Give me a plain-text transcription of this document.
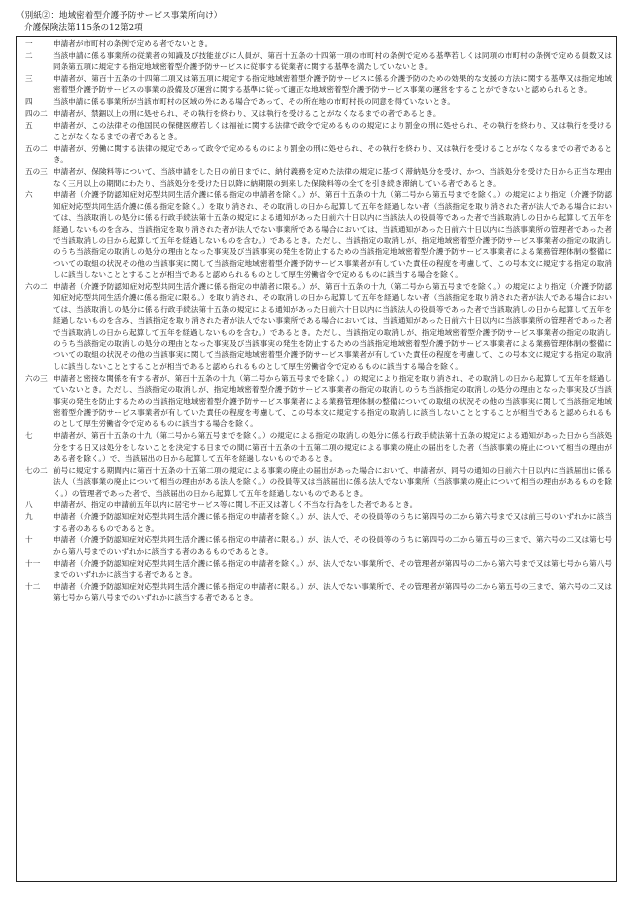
（別紙②：地域密着型介護予防サービス事業所向け）
介護保険法第115条の12第2項
一	申請者が市町村の条例で定める者でないとき。
二	当該申請に係る事業所の従業者の知識及び技能並びに人員が、第百十五条の十四第一項の市町村の条例で定める基準若しくは同項の市町村の条例で定める員数又は同条第五項に規定する指定地域密着型介護予防サービスに従事する従業者に関する基準を満たしていないとき。
三	申請者が、第百十五条の十四第二項又は第五項に規定する指定地域密着型介護予防サービスに係る介護予防のための効果的な支援の方法に関する基準又は指定地域密着型介護予防サービスの事業の設備及び運営に関する基準に従って適正な地域密着型介護予防サービス事業の運営をすることができないと認められるとき。
四	当該申請に係る事業所が当該市町村の区域の外にある場合であって、その所在地の市町村長の同意を得ていないとき。
四の二 申請者が、禁錮以上の刑に処せられ、その執行を終わり、又は執行を受けることがなくなるまでの者であるとき。
五	申請者が、この法律その他国民の保健医療若しくは福祉に関する法律で政令で定めるものの規定により罰金の刑に処せられ、その執行を終わり、又は執行を受けることがなくなるまでの者であるとき。
五の二 申請者が、労働に関する法律の規定であって政令で定めるものにより罰金の刑に処せられ、その執行を終わり、又は執行を受けることがなくなるまでの者であるとき。
五の三 申請者が、保険料等について、当該申請をした日の前日までに、納付義務を定めた法律の規定に基づく滞納処分を受け、かつ、当該処分を受けた日から正当な理由なく三月以上の期間にわたり、当該処分を受けた日以降に納期限の到来した保険料等の全てを引き続き滞納している者であるとき。
六	申請者（介護予防認知症対応型共同生活介護に係る指定の申請者を除く。）が、第百十五条の十九（第二号から第五号までを除く。）の規定により指定（介護予防認知症対応型共同生活介護に係る指定を除く。）を取り消され、その取消しの日から起算して五年を経過しない者（当該指定を取り消された者が法人である場合においては、当該取消しの処分に係る行政手続法第十五条の規定による通知があった日前六十日以内に当該法人の役員等であった者で当該取消しの日から起算して五年を経過しないものを含み、当該指定を取り消された者が法人でない事業所である場合においては、当該通知があった日前六十日以内に当該事業所の管理者であった者で当該取消しの日から起算して五年を経過しないものを含む。）であるとき。ただし、当該指定の取消しが、指定地域密着型介護予防サービス事業者の指定の取消しのうち当該指定の取消しの処分の理由となった事実及び当該事実の発生を防止するための当該指定地域密着型介護予防サービス事業者による業務管理体制の整備についての取組の状況その他の当該事実に関して当該指定地域密着型介護予防サービス事業者が有していた責任の程度を考慮して、この号本文に規定する指定の取消しに該当しないこととすることが相当であると認められるものとして厚生労働省令で定めるものに該当する場合を除く。
六の二 申請者（介護予防認知症対応型共同生活介護に係る指定の申請者に限る。）が、第百十五条の十九（第二号から第五号までを除く。）の規定により指定（介護予防認知症対応型共同生活介護に係る指定に限る。）を取り消され、その取消しの日から起算して五年を経過しない者（当該指定を取り消された者が法人である場合においては、当該取消しの処分に係る行政手続法第十五条の規定による通知があった日前六十日以内に当該法人の役員等であった者で当該取消しの日から起算して五年を経過しないものを含み、当該指定を取り消された者が法人でない事業所である場合においては、当該通知があった日前六十日以内に当該事業所の管理者であった者で当該取消しの日から起算して五年を経過しないものを含む。）であるとき。ただし、当該指定の取消しが、指定地域密着型介護予防サービス事業者の指定の取消しのうち当該指定の取消しの処分の理由となった事実及び当該事実の発生を防止するための当該指定地域密着型介護予防サービス事業者による業務管理体制の整備についての取組の状況その他の当該事実に関して当該指定地域密着型介護予防サービス事業者が有していた責任の程度を考慮して、この号本文に規定する指定の取消しに該当しないこととすることが相当であると認められるものとして厚生労働省令で定めるものに該当する場合を除く。
六の三 申請者と密接な関係を有する者が、第百十五条の十九（第二号から第五号までを除く。）の規定により指定を取り消され、その取消しの日から起算して五年を経過していないとき。ただし、当該指定の取消しが、指定地域密着型介護予防サービス事業者の指定の取消しのうち当該指定の取消しの処分の理由となった事実及び当該事実の発生を防止するための当該指定地域密着型介護予防サービス事業者による業務管理体制の整備についての取組の状況その他の当該事実に関して当該指定地域密着型介護予防サービス事業者が有していた責任の程度を考慮して、この号本文に規定する指定の取消しに該当しないこととすることが相当であると認められるものとして厚生労働省令で定めるものに該当する場合を除く。
七	申請者が、第百十五条の十九（第二号から第五号までを除く。）の規定による指定の取消しの処分に係る行政手続法第十五条の規定による通知があった日から当該処分をする日又は処分をしないことを決定する日までの間に第百十五条の十五第二項の規定による事業の廃止の届出をした者（当該事業の廃止について相当の理由がある者を除く。）で、当該届出の日から起算して五年を経過しないものであるとき。
七の二 前号に規定する期間内に第百十五条の十五第二項の規定による事業の廃止の届出があった場合において、申請者が、同号の通知の日前六十日以内に当該届出に係る法人（当該事業の廃止について相当の理由がある法人を除く。）の役員等又は当該届出に係る法人でない事業所（当該事業の廃止について相当の理由があるものを除く。）の管理者であった者で、当該届出の日から起算して五年を経過しないものであるとき。
八	申請者が、指定の申請前五年以内に居宅サービス等に関し不正又は著しく不当な行為をした者であるとき。
九	申請者（介護予防認知症対応型共同生活介護に係る指定の申請者を除く。）が、法人で、その役員等のうちに第四号の二から第六号まで又は前三号のいずれかに該当する者のあるものであるとき。
十	申請者（介護予防認知症対応型共同生活介護に係る指定の申請者に限る。）が、法人で、その役員等のうちに第四号の二から第五号の三まで、第六号の二又は第七号から第八号までのいずれかに該当する者のあるものであるとき。
十一	申請者（介護予防認知症対応型共同生活介護に係る指定の申請者を除く。）が、法人でない事業所で、その管理者が第四号の二から第六号まで又は第七号から第八号までのいずれかに該当する者であるとき。
十二	申請者（介護予防認知症対応型共同生活介護に係る指定の申請者に限る。）が、法人でない事業所で、その管理者が第四号の二から第五号の三まで、第六号の二又は第七号から第八号までのいずれかに該当する者であるとき。
